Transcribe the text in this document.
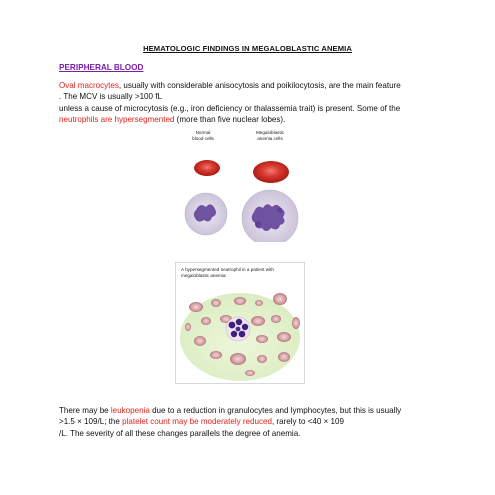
HEMATOLOGIC FINDINGS IN MEGALOBLASTIC ANEMIA
PERIPHERAL BLOOD
Oval macrocytes, usually with considerable anisocytosis and poikilocytosis, are the main feature
. The MCV is usually >100 fL
unless a cause of microcytosis (e.g., iron deficiency or thalassemia trait) is present. Some of the
neutrophils are hypersegmented (more than five nuclear lobes).
Normal
blood cells
Megaloblastic
anemia cells
A hypersegmented neutrophil in a patient with
megaloblastic anemia:
There may be leukopenia due to a reduction in granulocytes and lymphocytes, but this is usually
>1.5 × 109/L; the platelet count may be moderately reduced, rarely to <40 × 109
/L. The severity of all these changes parallels the degree of anemia.
